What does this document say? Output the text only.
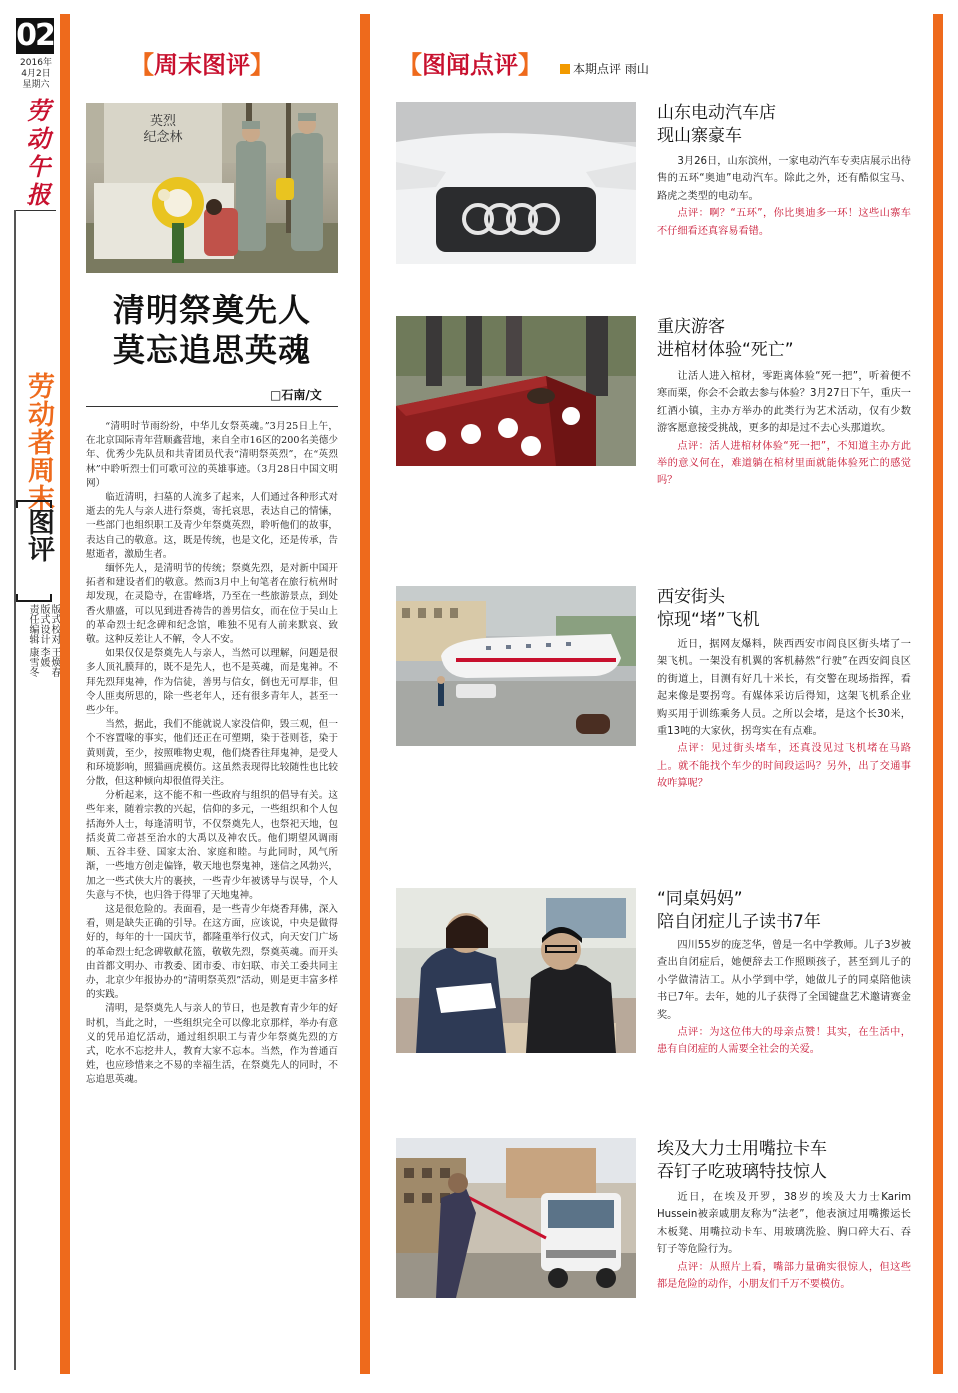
02
2016年
4月2日
星期六
劳动午报
劳动者周末
图评
版式校对 王焕春
版式设计 李媛
责任编辑 康雪冬
【周末图评】
英烈
纪念林
清明祭奠先人
莫忘追思英魂
□石南/文

“清明时节雨纷纷，中华儿女祭英魂。”3月25日上午，在北京国际青年营顺鑫营地，来自全市16区的200名美德少年、优秀少先队员和共青团员代表“清明祭英烈”，在“英烈林”中聆听烈士们可歌可泣的英雄事迹。（3月28日中国文明网）

临近清明，扫墓的人流多了起来，人们通过各种形式对逝去的先人与亲人进行祭奠，寄托哀思，表达自己的情愫，一些部门也组织职工及青少年祭奠英烈，聆听他们的故事，表达自己的敬意。这，既是传统，也是文化，还是传承，告慰逝者，激励生者。

缅怀先人，是清明节的传统；祭奠先烈，是对新中国开拓者和建设者们的敬意。然而3月中上旬笔者在旅行杭州时却发现，在灵隐寺，在雷峰塔，乃至在一些旅游景点，到处香火鼎盛，可以见到进香祷告的善男信女，而在位于吴山上的革命烈士纪念碑和纪念馆，唯独不见有人前来默哀、致敬。这种反差让人不解，令人不安。

如果仅仅是祭奠先人与亲人，当然可以理解，问题是很多人顶礼膜拜的，既不是先人，也不是英魂，而是鬼神。不拜先烈拜鬼神，作为信徒，善男与信女，倒也无可厚非，但令人匪夷所思的，除一些老年人，还有很多青年人，甚至一些少年。

当然，据此，我们不能就说人家没信仰，毁三观，但一个不容置喙的事实，他们还正在可塑期，染于苍则苍，染于黄则黄，至少，按照唯物史观，他们烧香往拜鬼神，是受人和环境影响，照猫画虎模仿。这虽然表现得比较随性也比较分散，但这种倾向却很值得关注。

分析起来，这不能不和一些政府与组织的倡导有关。这些年来，随着宗教的兴起，信仰的多元，一些组织和个人包括海外人士，每逢清明节，不仅祭奠先人，也祭祀天地，包括炎黄二帝甚至治水的大禹以及神农氏。他们期望风调雨顺、五谷丰登、国家太治、家庭和睦。与此同时，风气所渐，一些地方创走偏锋，敬天地也祭鬼神，迷信之风勃兴，加之一些式侠大片的裹挟，一些青少年被诱导与误导，个人失意与不快，也归咎于得罪了天地鬼神。

这是很危险的。表面看，是一些青少年烧香拜佛，深入看，则是缺失正确的引导。在这方面，应该说，中央是做得好的，每年的十一国庆节，都隆重举行仪式，向天安门广场的革命烈士纪念碑敬献花篮，敬敬先烈，祭奠英魂。而开头由首都文明办、市教委、团市委、市妇联、市关工委共同主办，北京少年报协办的“清明祭英烈”活动，则是更丰富多样的实践。

清明，是祭奠先人与亲人的节日，也是教育青少年的好时机，当此之时，一些组织完全可以像北京那样，举办有意义的凭吊追忆活动，通过组织职工与青少年祭奠先烈的方式，吃水不忘挖井人，教育大家不忘本。当然，作为普通百姓，也应珍惜来之不易的幸福生活，在祭奠先人的同时，不忘追思英魂。

【图闻点评】	本期点评 雨山
山东电动汽车店
现山寨豪车

3月26日，山东滨州，一家电动汽车专卖店展示出待售的五环“奥迪”电动汽车。除此之外，还有酷似宝马、路虎之类型的电动车。

点评：啊？“五环”，你比奥迪多一环！这些山寨车不仔细看还真容易看错。

重庆游客
进棺材体验“死亡”

让活人进入棺材，零距离体验“死一把”，听着便不寒而栗，你会不会敢去参与体验？3月27日下午，重庆一红酒小镇，主办方举办的此类行为艺术活动，仅有少数游客愿意接受挑战，更多的却是过不去心头那道坎。

点评：活人进棺材体验“死一把”，不知道主办方此举的意义何在，难道躺在棺材里面就能体验死亡的感觉吗？

西安街头
惊现“堵”飞机

近日，据网友爆料，陕西西安市阎良区街头堵了一架飞机。一架没有机翼的客机赫然“行驶”在西安阎良区的街道上，目测有好几十米长，有交警在现场指挥，看起来像是要拐弯。有媒体采访后得知，这架飞机系企业购买用于训练乘务人员。之所以会堵，是这个长30米，重13吨的大家伙，拐弯实在有点难。

点评：见过街头堵车，还真没见过飞机堵在马路上。就不能找个车少的时间段运吗？另外，出了交通事故咋算呢？

“同桌妈妈”
陪自闭症儿子读书7年

四川55岁的庞芝华，曾是一名中学教师。儿子3岁被查出自闭症后，她便辞去工作照顾孩子，甚至到儿子的小学做清洁工。从小学到中学，她做儿子的同桌陪他读书已7年。去年，她的儿子获得了全国键盘艺术邀请赛金奖。

点评：为这位伟大的母亲点赞！其实，在生活中，患有自闭症的人需要全社会的关爱。

埃及大力士用嘴拉卡车
吞钉子吃玻璃特技惊人

近日，在埃及开罗，38岁的埃及大力士Karim Hussein被亲戚朋友称为“法老”，他表演过用嘴搬运长木板凳、用嘴拉动卡车、用玻璃洗脸、胸口碎大石、吞钉子等危险行为。

点评：从照片上看，嘴部力量确实很惊人，但这些都是危险的动作，小朋友们千万不要模仿。
